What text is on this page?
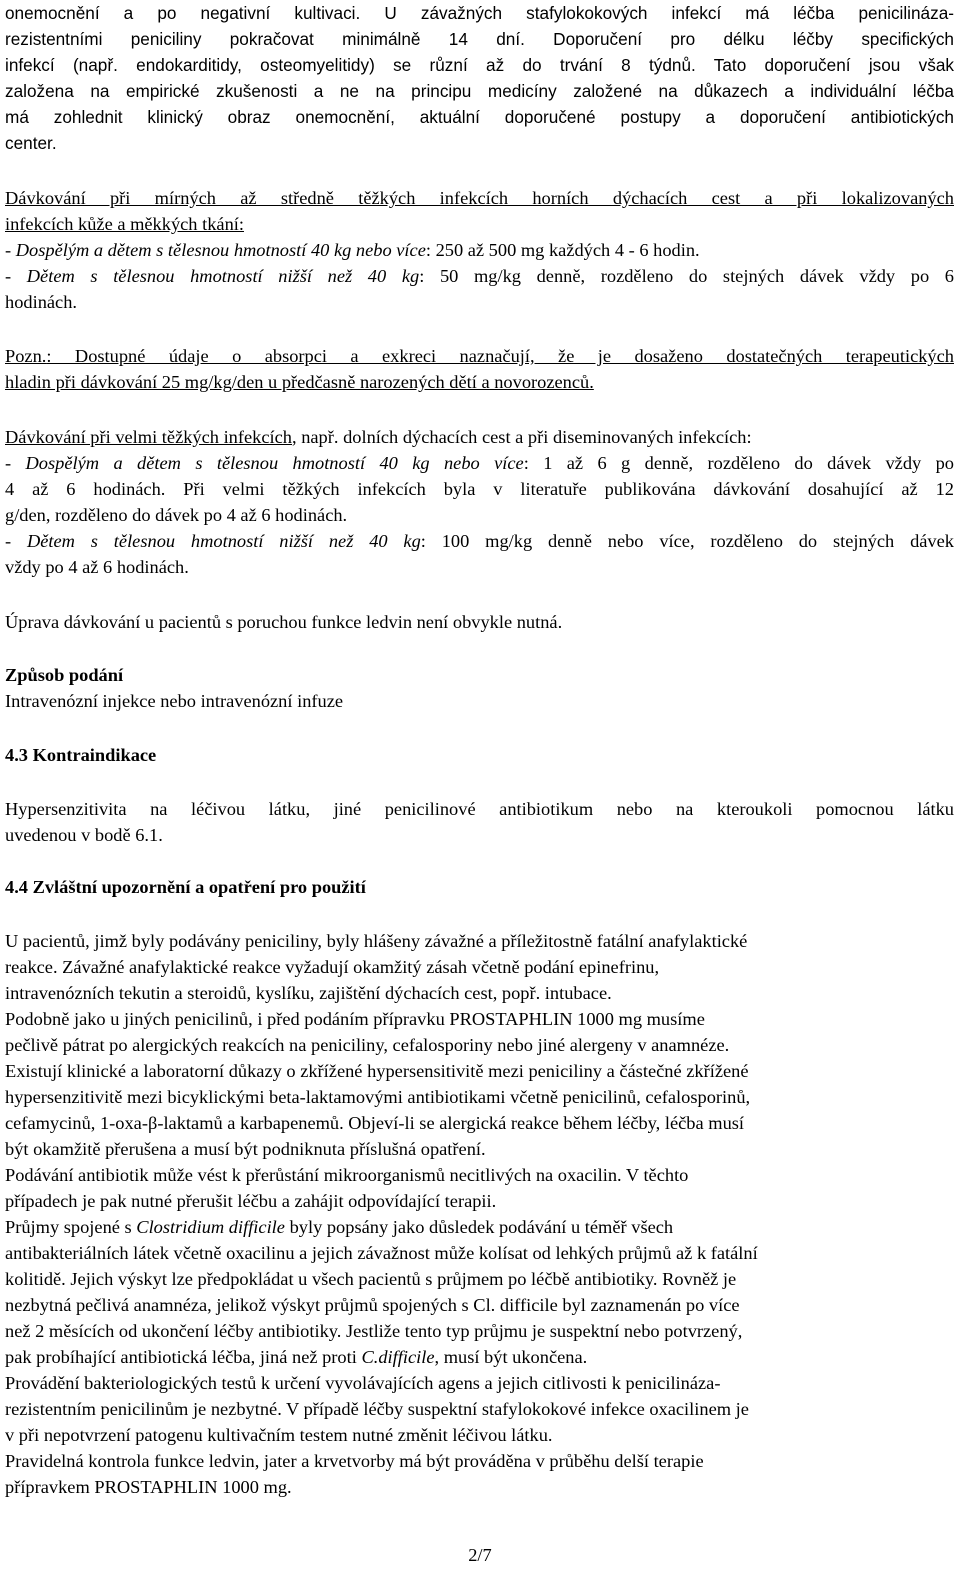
onemocnění a po negativní kultivaci. U závažných stafylokokových infekcí má léčba penicilináza-
rezistentními peniciliny pokračovat minimálně 14 dní. Doporučení pro délku léčby specifických
infekcí (např. endokarditidy, osteomyelitidy) se různí až do trvání 8 týdnů. Tato doporučení jsou však
založena na empirické zkušenosti a ne na principu medicíny založené na důkazech a individuální léčba
má zohlednit klinický obraz onemocnění, aktuální doporučené postupy a doporučení antibiotických
center.
Dávkování při mírných až středně těžkých infekcích horních dýchacích cest a při lokalizovaných
infekcích kůže a měkkých tkání:
- Dospělým a dětem s tělesnou hmotností 40 kg nebo více: 250 až 500 mg každých 4 - 6 hodin.
- Dětem s tělesnou hmotností nižší než 40 kg: 50 mg/kg denně, rozděleno do stejných dávek vždy po 6
hodinách.
Pozn.: Dostupné údaje o absorpci a exkreci naznačují, že je dosaženo dostatečných terapeutických
hladin při dávkování 25 mg/kg/den u předčasně narozených dětí a novorozenců.
Dávkování při velmi těžkých infekcích, např. dolních dýchacích cest a při diseminovaných infekcích:
- Dospělým a dětem s tělesnou hmotností 40 kg nebo více: 1 až 6 g denně, rozděleno do dávek vždy po
4 až 6 hodinách. Při velmi těžkých infekcích byla v literatuře publikována dávkování dosahující až 12
g/den, rozděleno do dávek po 4 až 6 hodinách.
- Dětem s tělesnou hmotností nižší než 40 kg: 100 mg/kg denně nebo více, rozděleno do stejných dávek
vždy po 4 až 6 hodinách.
Úprava dávkování u pacientů s poruchou funkce ledvin není obvykle nutná.
Způsob podání
Intravenózní injekce nebo intravenózní infuze
4.3 Kontraindikace
Hypersenzitivita na léčivou látku, jiné penicilinové antibiotikum nebo na kteroukoli pomocnou látku
uvedenou v bodě 6.1.
4.4 Zvláštní upozornění a opatření pro použití
U pacientů, jimž byly podávány peniciliny, byly hlášeny závažné a příležitostně fatální anafylaktické
reakce. Závažné anafylaktické reakce vyžadují okamžitý zásah včetně podání epinefrinu,
intravenózních tekutin a steroidů, kyslíku, zajištění dýchacích cest, popř. intubace.
Podobně jako u jiných penicilinů, i před podáním přípravku PROSTAPHLIN 1000 mg musíme
pečlivě pátrat po alergických reakcích na peniciliny, cefalosporiny nebo jiné alergeny v anamnéze.
Existují klinické a laboratorní důkazy o zkřížené hypersensitivitě mezi peniciliny a částečné zkřížené
hypersenzitivitě mezi bicyklickými beta-laktamovými antibiotikami včetně penicilinů, cefalosporinů,
cefamycinů, 1-oxa-β-laktamů a karbapenemů. Objeví-li se alergická reakce během léčby, léčba musí
být okamžitě přerušena a musí být podniknuta příslušná opatření.
Podávání antibiotik může vést k přerůstání mikroorganismů necitlivých na oxacilin. V těchto
případech je pak nutné přerušit léčbu a zahájit odpovídající terapii.
Průjmy spojené s Clostridium difficile byly popsány jako důsledek podávání u téměř všech
antibakteriálních látek včetně oxacilinu a jejich závažnost může kolísat od lehkých průjmů až k fatální
kolitidě. Jejich výskyt lze předpokládat u všech pacientů s průjmem po léčbě antibiotiky. Rovněž je
nezbytná pečlivá anamnéza, jelikož výskyt průjmů spojených s Cl. difficile byl zaznamenán po více
než 2 měsících od ukončení léčby antibiotiky. Jestliže tento typ průjmu je suspektní nebo potvrzený,
pak probíhající antibiotická léčba, jiná než proti C.difficile, musí být ukončena.
Provádění bakteriologických testů k určení vyvolávajících agens a jejich citlivosti k penicilináza-
rezistentním penicilinům je nezbytné. V případě léčby suspektní stafylokokové infekce oxacilinem je
v při nepotvrzení patogenu kultivačním testem nutné změnit léčivou látku.
Pravidelná kontrola funkce ledvin, jater a krvetvorby má být prováděna v průběhu delší terapie
přípravkem PROSTAPHLIN 1000 mg.
2/7
